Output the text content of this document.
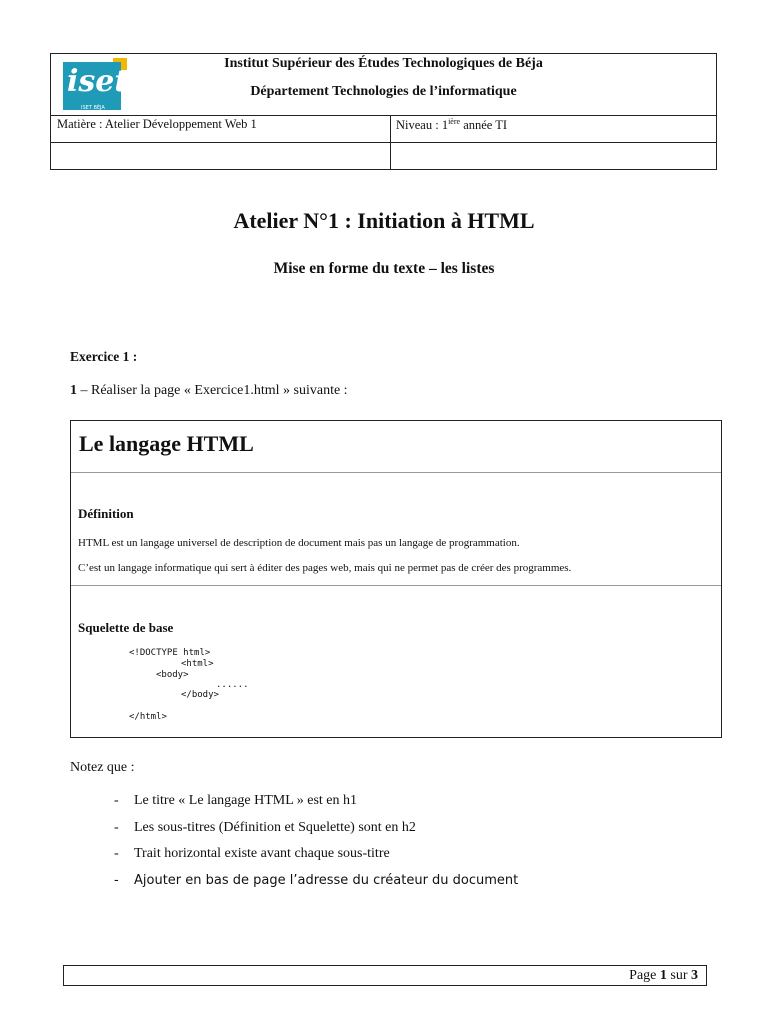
iset
ISET BÉJA
Institut Supérieur des Études Technologiques de Béja
Département Technologies de l’informatique
Matière : Atelier Développement Web 1	Niveau : $1^{ière}$ année TI
Atelier N°1 : Initiation à HTML
Mise en forme du texte – les listes
Exercice 1 :
1 – Réaliser la page « Exercice1.html » suivante :
Le langage HTML
Définition
HTML est un langage universel de description de document mais pas un langage de programmation.
C’est un langage informatique qui sert à éditer des pages web, mais qui ne permet pas de créer des programmes.
Squelette de base
<!DOCTYPE html>
<html>
<body>
......
</body>
</html>
Notez que :
- Le titre « Le langage HTML » est en h1
- Les sous-titres (Définition et Squelette) sont en h2
- Trait horizontal existe avant chaque sous-titre
- Ajouter en bas de page l’adresse du créateur du document
Page 1 sur 3
